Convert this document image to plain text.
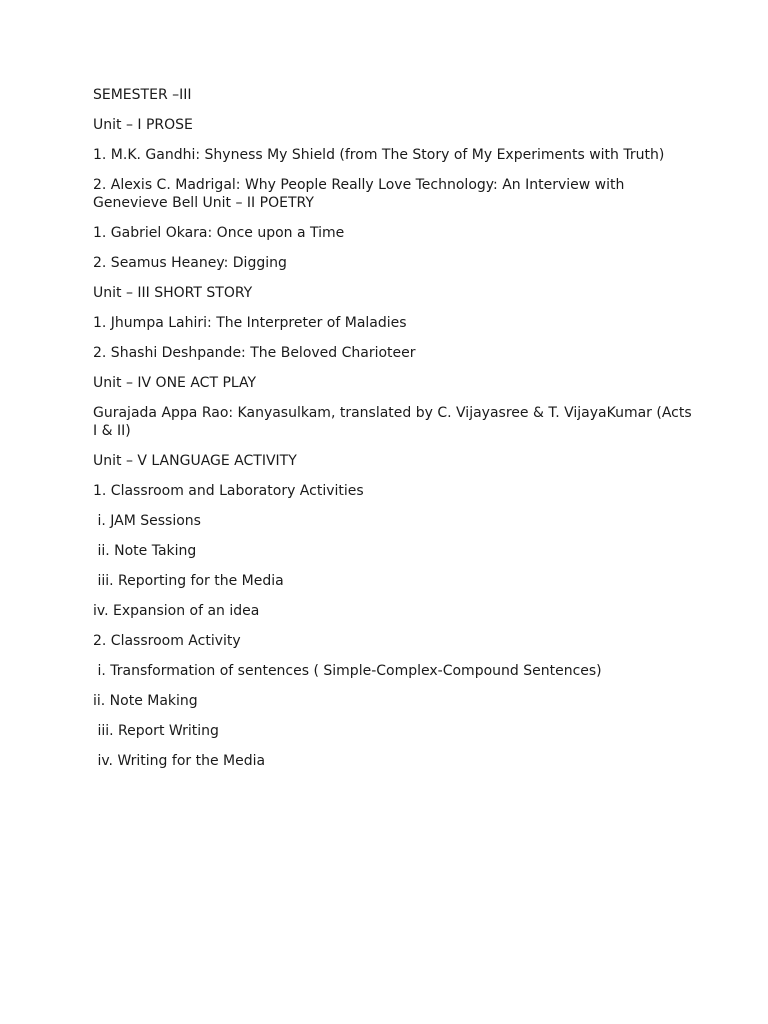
SEMESTER –III
Unit – I PROSE
1. M.K. Gandhi: Shyness My Shield (from The Story of My Experiments with Truth)
2. Alexis C. Madrigal: Why People Really Love Technology: An Interview with Genevieve Bell Unit – II POETRY
1. Gabriel Okara: Once upon a Time
2. Seamus Heaney: Digging
Unit – III SHORT STORY
1. Jhumpa Lahiri: The Interpreter of Maladies
2. Shashi Deshpande: The Beloved Charioteer
Unit – IV ONE ACT PLAY
Gurajada Appa Rao: Kanyasulkam, translated by C. Vijayasree & T. VijayaKumar (Acts I & II)
Unit – V LANGUAGE ACTIVITY
1. Classroom and Laboratory Activities
i. JAM Sessions
ii. Note Taking
iii. Reporting for the Media
iv. Expansion of an idea
2. Classroom Activity
i. Transformation of sentences ( Simple-Complex-Compound Sentences)
ii. Note Making
iii. Report Writing
iv. Writing for the Media
